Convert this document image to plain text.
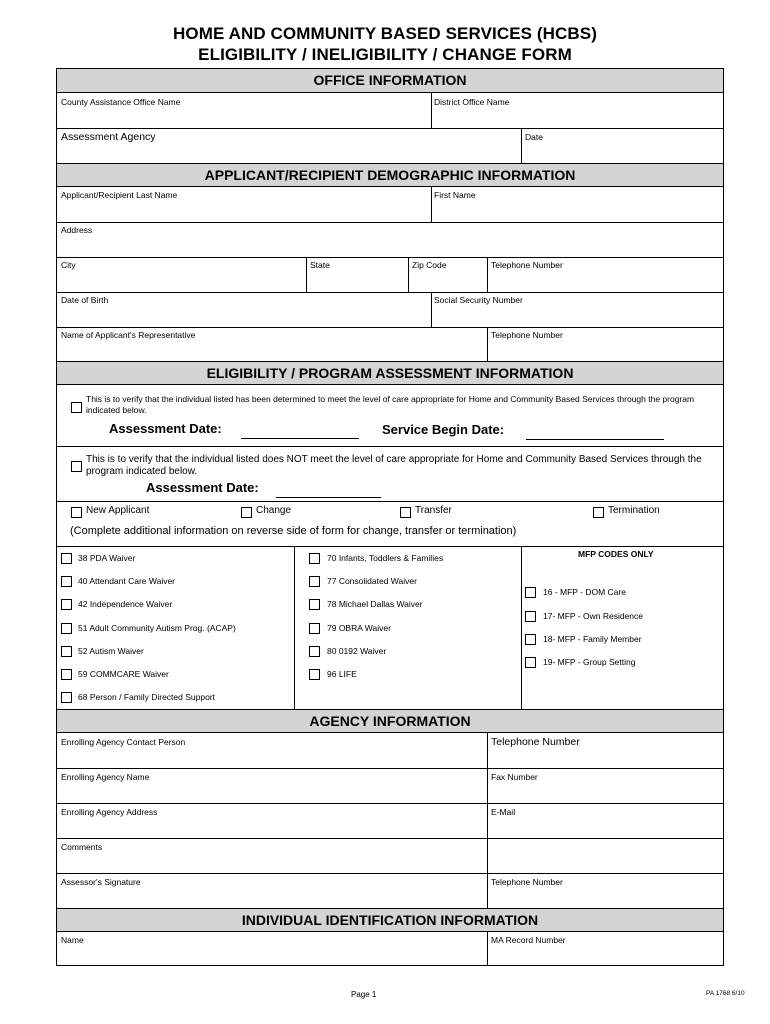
HOME AND COMMUNITY BASED SERVICES (HCBS)
ELIGIBILITY / INELIGIBILITY / CHANGE FORM
OFFICE INFORMATION
County Assistance Office Name	District Office Name
Assessment Agency	Date
APPLICANT/RECIPIENT DEMOGRAPHIC INFORMATION
Applicant/Recipient Last Name	First Name
Address
City	State	Zip Code	Telephone Number
Date of Birth	Social Security Number
Name of Applicant's Representative	Telephone Number
ELIGIBILITY / PROGRAM ASSESSMENT INFORMATION
This is to verify that the individual listed has been determined to meet the level of care appropriate for Home and Community Based Services through the program indicated below.
Assessment Date:	Service Begin Date:
This is to verify that the individual listed does NOT meet the level of care appropriate for Home and Community Based Services through the program indicated below.
Assessment Date:
New Applicant	Change	Transfer	Termination
(Complete additional information on reverse side of form for change, transfer or termination)
38 PDA Waiver
40 Attendant Care Waiver
42 Independence Waiver
51 Adult Community Autism Prog. (ACAP)
52 Autism Waiver
59 COMMCARE Waiver
68 Person / Family Directed Support
70 Infants, Toddlers & Families
77 Consolidated Waiver
78 Michael Dallas Waiver
79 OBRA Waiver
80 0192 Waiver
96 LIFE
MFP CODES ONLY
16 - MFP - DOM Care
17- MFP - Own Residence
18- MFP - Family Member
19- MFP - Group Setting
AGENCY INFORMATION
Enrolling Agency Contact Person	Telephone Number
Enrolling Agency Name	Fax Number
Enrolling Agency Address	E-Mail
Comments
Assessor's Signature	Telephone Number
INDIVIDUAL IDENTIFICATION INFORMATION
Name	MA Record Number
Page 1	PA 1768 6/10
